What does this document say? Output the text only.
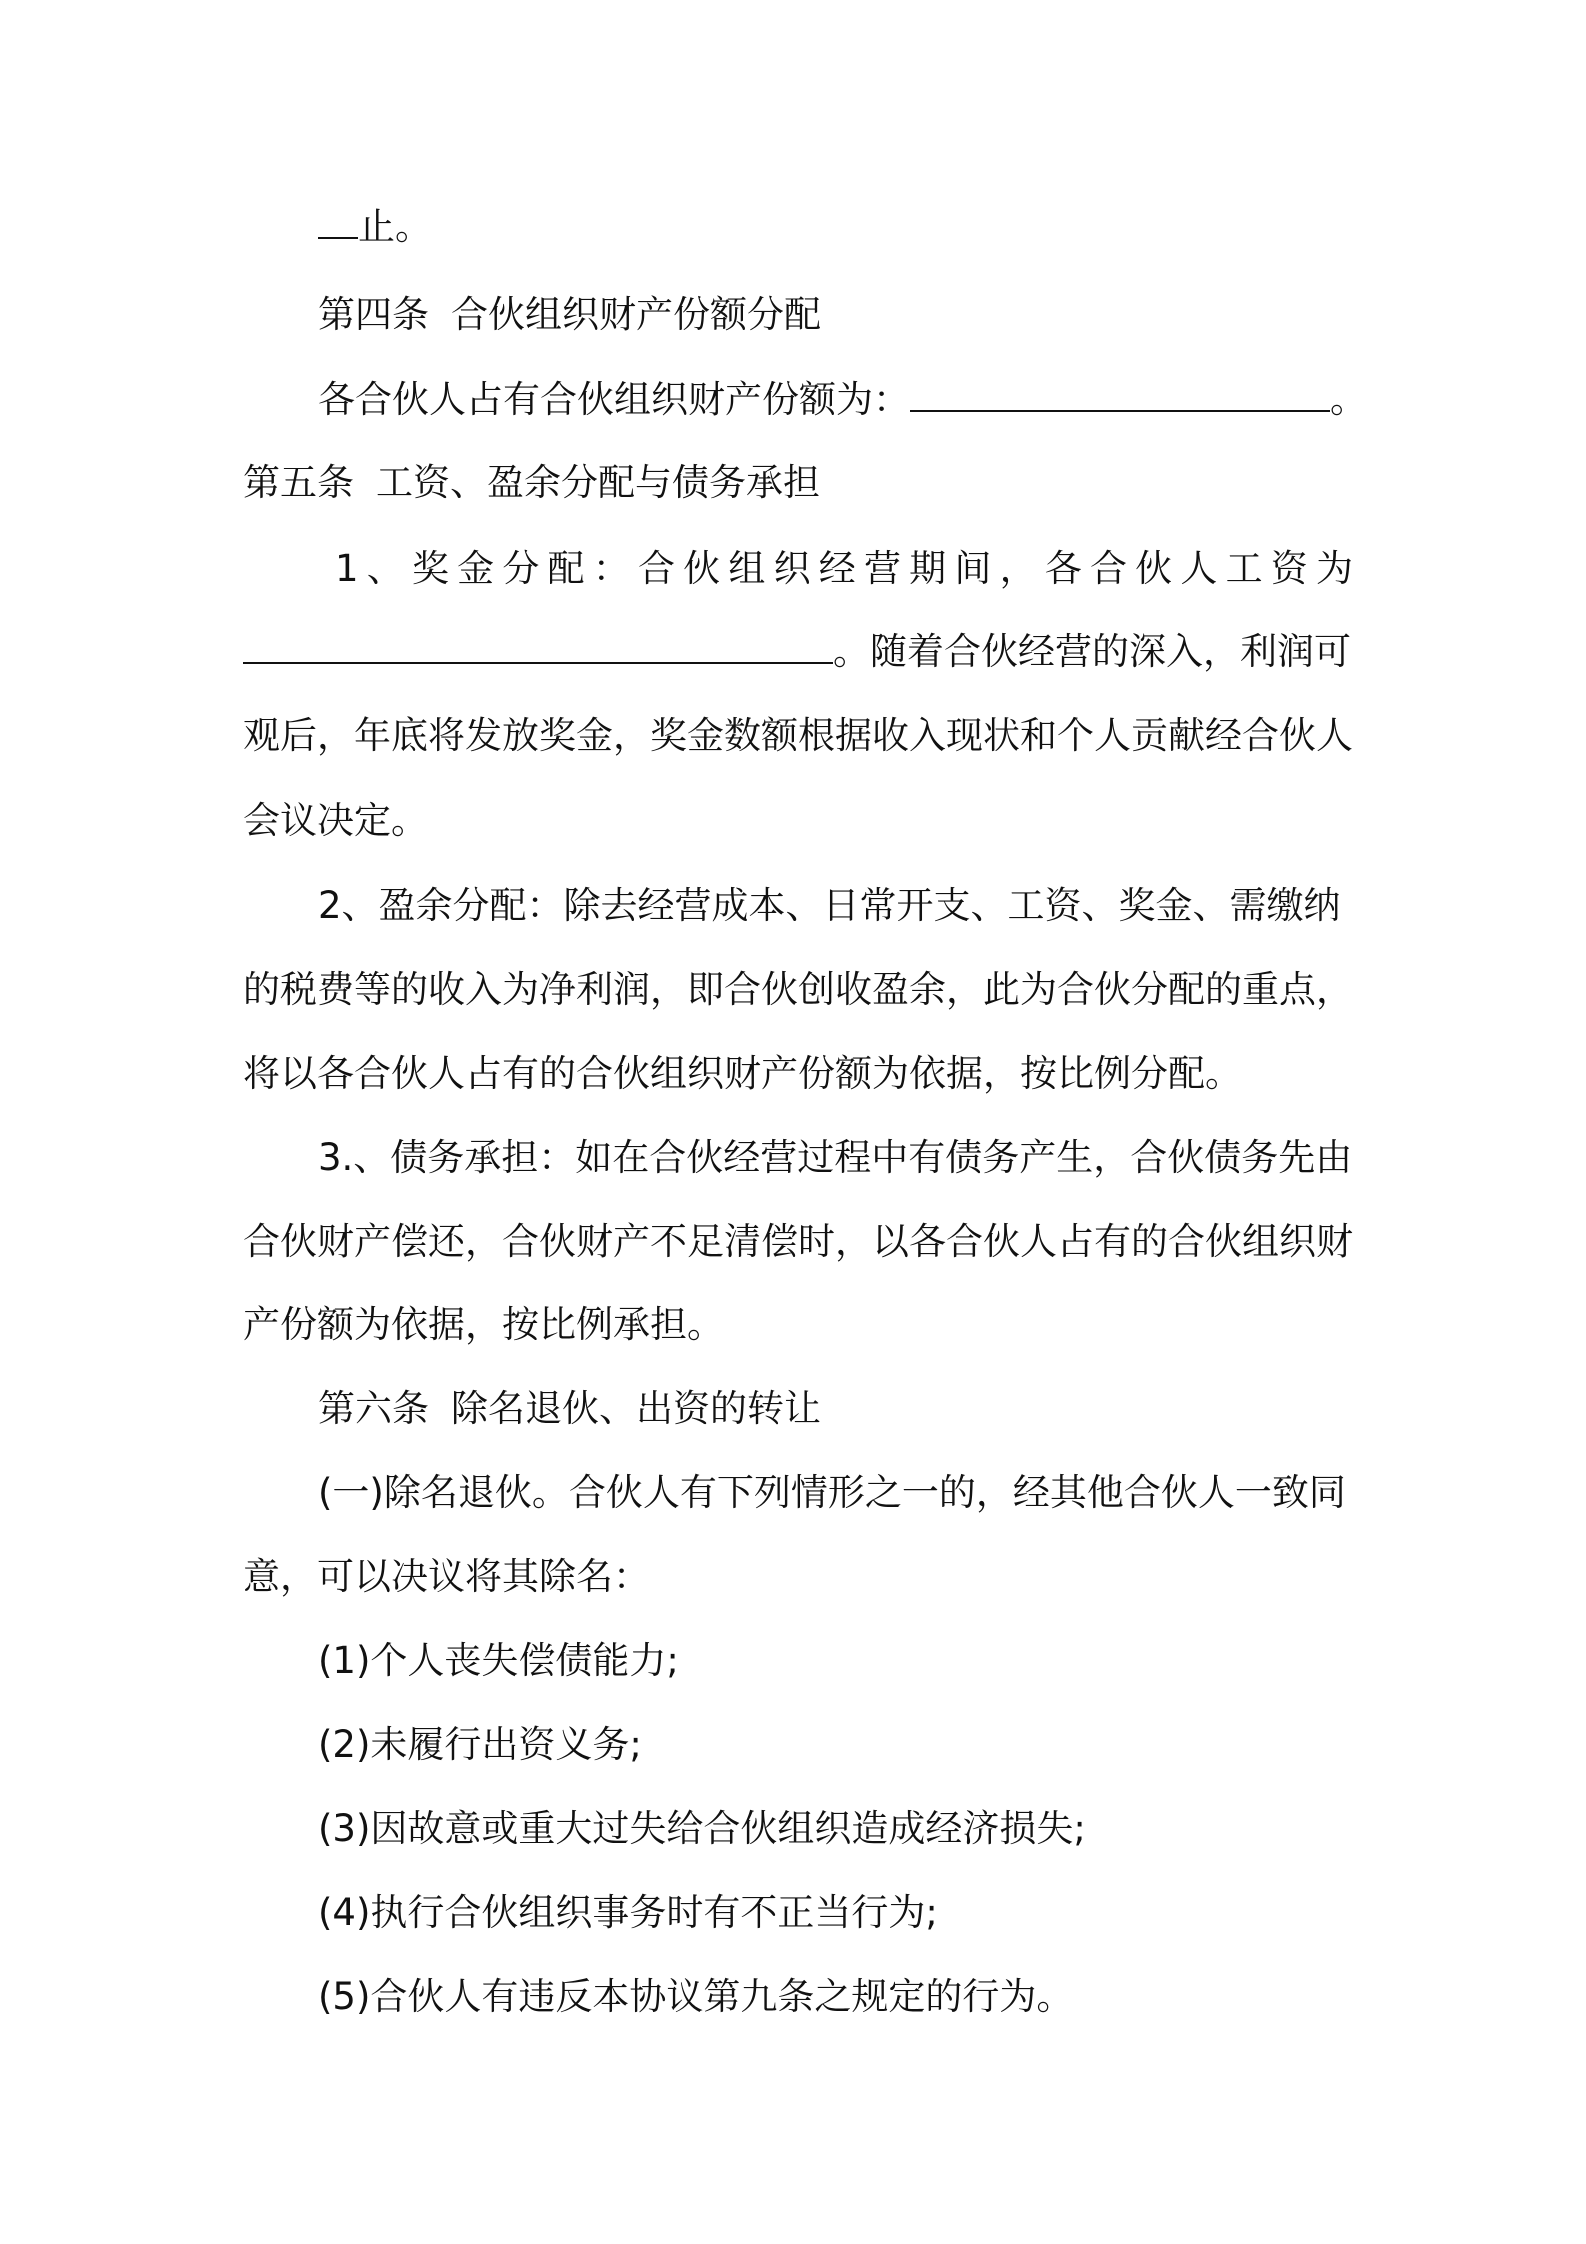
止。
第四条 合伙组织财产份额分配
各合伙人占有合伙组织财产份额为：	。
第五条 工资、盈余分配与债务承担
1、奖金分配：合伙组织经营期间，各合伙人工资为
。随着合伙经营的深入，利润可
观后，年底将发放奖金，奖金数额根据收入现状和个人贡献经合伙人
会议决定。
2、盈余分配：除去经营成本、日常开支、工资、奖金、需缴纳
的税费等的收入为净利润，即合伙创收盈余，此为合伙分配的重点，
将以各合伙人占有的合伙组织财产份额为依据，按比例分配。
3.、债务承担：如在合伙经营过程中有债务产生，合伙债务先由
合伙财产偿还，合伙财产不足清偿时，以各合伙人占有的合伙组织财
产份额为依据，按比例承担。
第六条 除名退伙、出资的转让
(一)除名退伙。合伙人有下列情形之一的，经其他合伙人一致同
意，可以决议将其除名：
(1)个人丧失偿债能力;
(2)未履行出资义务;
(3)因故意或重大过失给合伙组织造成经济损失;
(4)执行合伙组织事务时有不正当行为;
(5)合伙人有违反本协议第九条之规定的行为。
